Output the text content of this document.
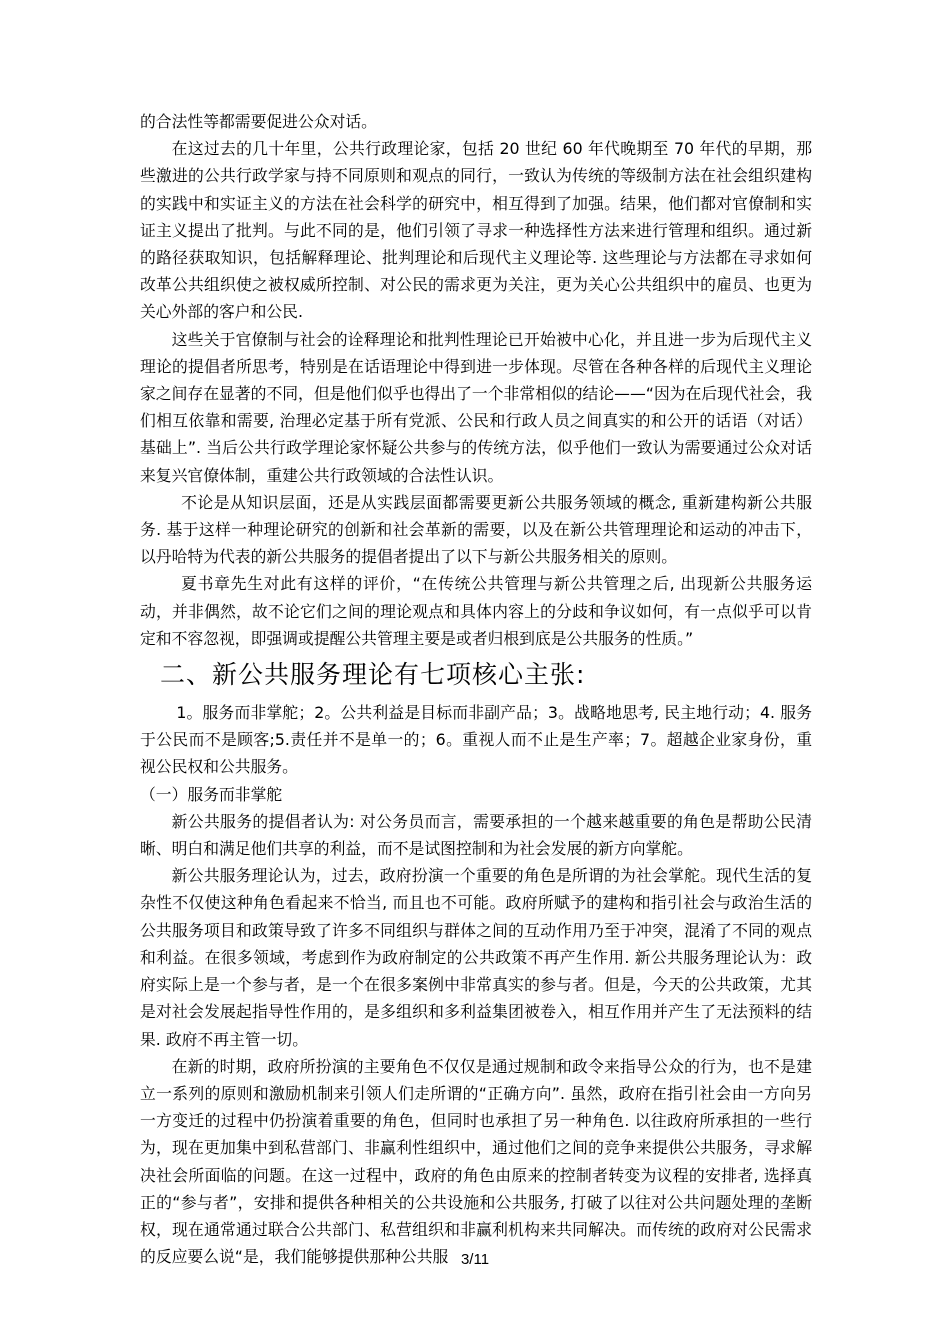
的合法性等都需要促进公众对话。

在这过去的几十年里，公共行政理论家，包括 20 世纪 60 年代晚期至 70 年代的早期，那些激进的公共行政学家与持不同原则和观点的同行，一致认为传统的等级制方法在社会组织建构的实践中和实证主义的方法在社会科学的研究中，相互得到了加强。结果，他们都对官僚制和实证主义提出了批判。与此不同的是，他们引领了寻求一种选择性方法来进行管理和组织。通过新的路径获取知识，包括解释理论、批判理论和后现代主义理论等. 这些理论与方法都在寻求如何改革公共组织使之被权威所控制、对公民的需求更为关注，更为关心公共组织中的雇员、也更为关心外部的客户和公民.

这些关于官僚制与社会的诠释理论和批判性理论已开始被中心化，并且进一步为后现代主义理论的提倡者所思考，特别是在话语理论中得到进一步体现。尽管在各种各样的后现代主义理论家之间存在显著的不同，但是他们似乎也得出了一个非常相似的结论——“因为在后现代社会，我们相互依靠和需要, 治理必定基于所有党派、公民和行政人员之间真实的和公开的话语（对话）基础上”. 当后公共行政学理论家怀疑公共参与的传统方法，似乎他们一致认为需要通过公众对话来复兴官僚体制，重建公共行政领域的合法性认识。

不论是从知识层面，还是从实践层面都需要更新公共服务领域的概念, 重新建构新公共服务. 基于这样一种理论研究的创新和社会革新的需要，以及在新公共管理理论和运动的冲击下，以丹哈特为代表的新公共服务的提倡者提出了以下与新公共服务相关的原则。

夏书章先生对此有这样的评价，“在传统公共管理与新公共管理之后, 出现新公共服务运动，并非偶然，故不论它们之间的理论观点和具体内容上的分歧和争议如何，有一点似乎可以肯定和不容忽视，即强调或提醒公共管理主要是或者归根到底是公共服务的性质。”

二、新公共服务理论有七项核心主张:

1。服务而非掌舵；2。公共利益是目标而非副产品；3。战略地思考, 民主地行动；4. 服务于公民而不是顾客;5.责任并不是单一的；6。重视人而不止是生产率；7。超越企业家身份，重视公民权和公共服务。

（一）服务而非掌舵

新公共服务的提倡者认为: 对公务员而言，需要承担的一个越来越重要的角色是帮助公民清晰、明白和满足他们共享的利益，而不是试图控制和为社会发展的新方向掌舵。

新公共服务理论认为，过去，政府扮演一个重要的角色是所谓的为社会掌舵。现代生活的复杂性不仅使这种角色看起来不恰当, 而且也不可能。政府所赋予的建构和指引社会与政治生活的公共服务项目和政策导致了许多不同组织与群体之间的互动作用乃至于冲突，混淆了不同的观点和利益。在很多领域，考虑到作为政府制定的公共政策不再产生作用. 新公共服务理论认为：政府实际上是一个参与者，是一个在很多案例中非常真实的参与者。但是，今天的公共政策，尤其是对社会发展起指导性作用的，是多组织和多利益集团被卷入，相互作用并产生了无法预料的结果. 政府不再主管一切。

在新的时期，政府所扮演的主要角色不仅仅是通过规制和政令来指导公众的行为，也不是建立一系列的原则和激励机制来引领人们走所谓的“正确方向”. 虽然，政府在指引社会由一方向另一方变迁的过程中仍扮演着重要的角色，但同时也承担了另一种角色. 以往政府所承担的一些行为，现在更加集中到私营部门、非赢利性组织中，通过他们之间的竞争来提供公共服务，寻求解决社会所面临的问题。在这一过程中，政府的角色由原来的控制者转变为议程的安排者, 选择真正的“参与者”，安排和提供各种相关的公共设施和公共服务, 打破了以往对公共问题处理的垄断权，现在通常通过联合公共部门、私营组织和非赢利机构来共同解决。而传统的政府对公民需求的反应要么说“是，我们能够提供那种公共服 3/11
